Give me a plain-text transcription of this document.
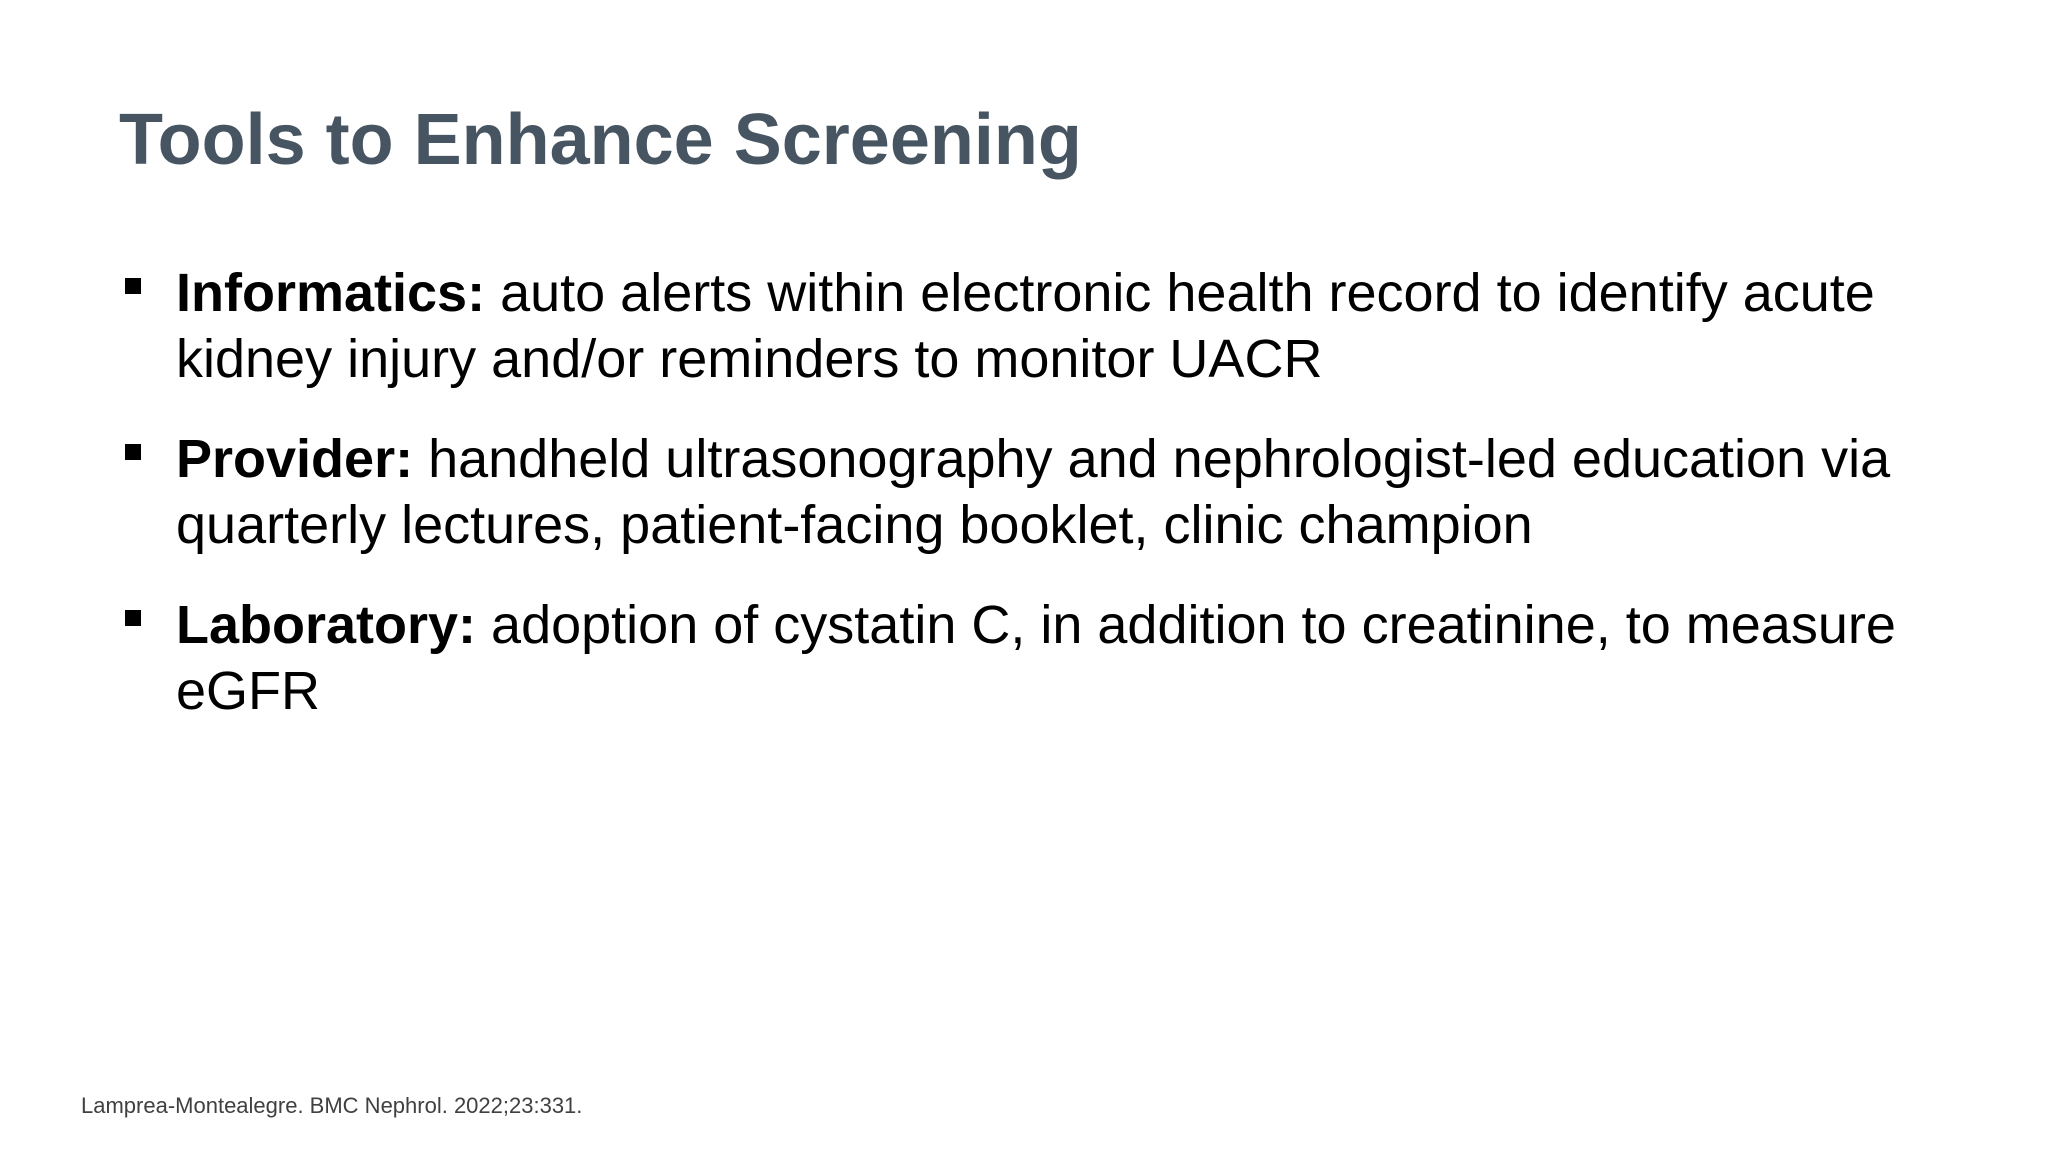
Tools to Enhance Screening
Informatics: auto alerts within electronic health record to identify acute kidney injury and/or reminders to monitor UACR
Provider: handheld ultrasonography and nephrologist-led education via quarterly lectures, patient-facing booklet, clinic champion
Laboratory: adoption of cystatin C, in addition to creatinine, to measure eGFR

Lamprea-Montealegre. BMC Nephrol. 2022;23:331.
